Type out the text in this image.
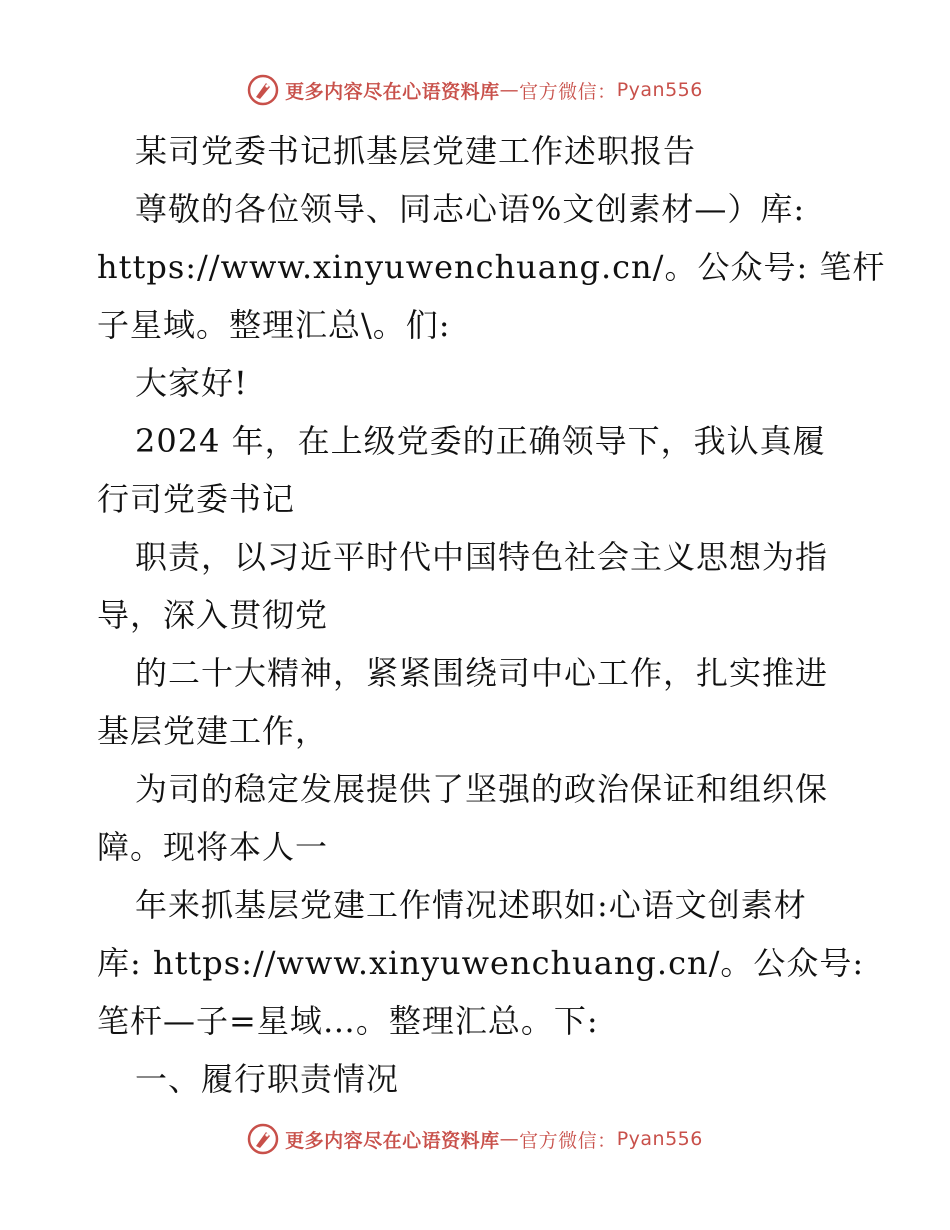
更多内容尽在心语资料库 — 官方微信： Pyan556
某司党委书记抓基层党建工作述职报告
尊敬的各位领导、同志心语%文创素材—）库:
https://www.xinyuwenchuang.cn/。公众号: 笔杆
子星域。整理汇总\。们:
大家好!
2024 年，在上级党委的正确领导下，我认真履
行司党委书记
职责，以习近平时代中国特色社会主义思想为指
导，深入贯彻党
的二十大精神，紧紧围绕司中心工作，扎实推进
基层党建工作，
为司的稳定发展提供了坚强的政治保证和组织保
障。现将本人一
年来抓基层党建工作情况述职如:心语文创素材
库: https://www.xinyuwenchuang.cn/。公众号:
笔杆—子=星域…。整理汇总。下:
一、履行职责情况
更多内容尽在心语资料库 — 官方微信： Pyan556
